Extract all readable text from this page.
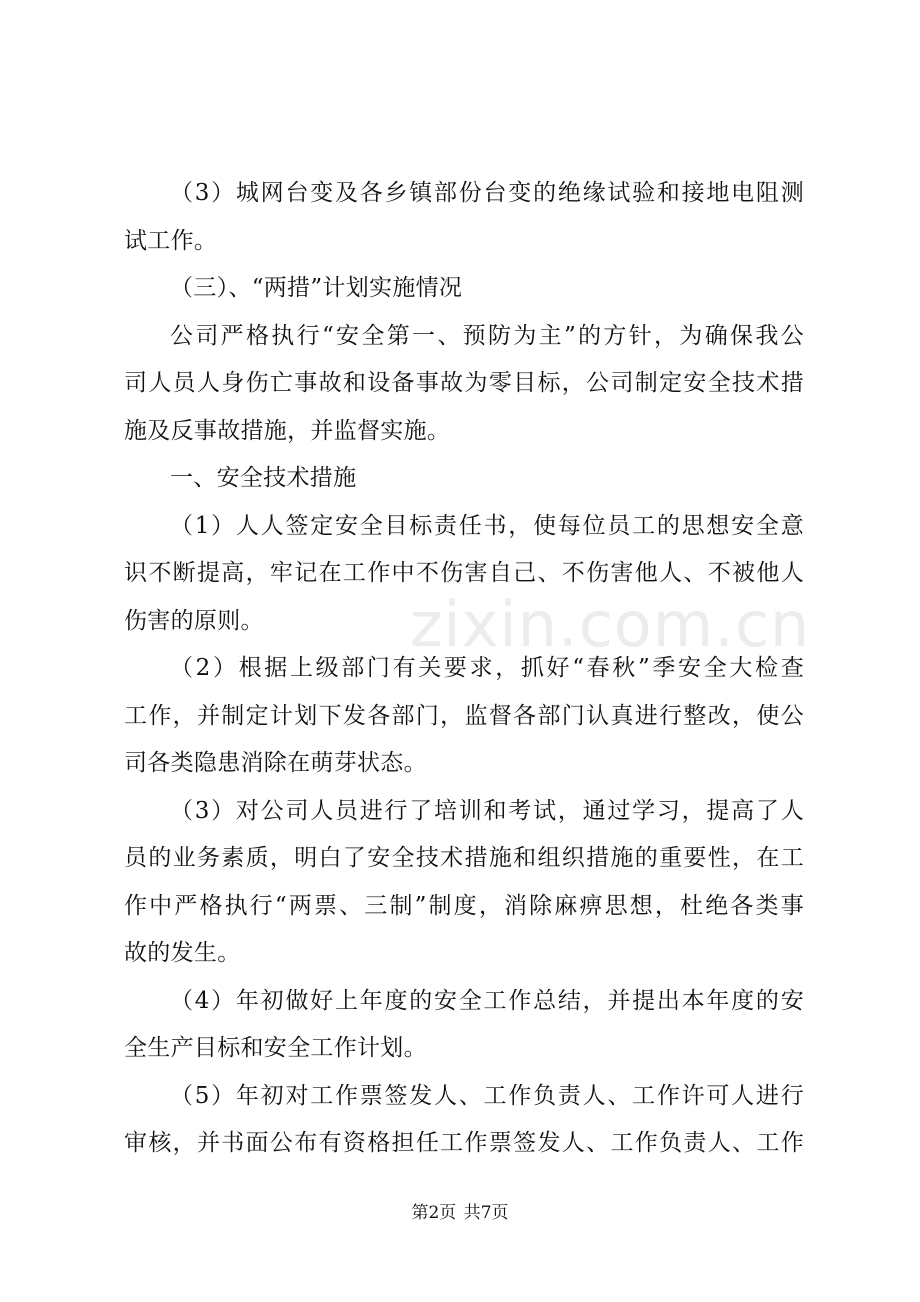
（3）城网台变及各乡镇部份台变的绝缘试验和接地电阻测
试工作。
（三）、“两措”计划实施情况
公司严格执行“安全第一、预防为主”的方针，为确保我公
司人员人身伤亡事故和设备事故为零目标，公司制定安全技术措
施及反事故措施，并监督实施。
一、安全技术措施
（1）人人签定安全目标责任书，使每位员工的思想安全意
识不断提高，牢记在工作中不伤害自己、不伤害他人、不被他人
伤害的原则。
（2）根据上级部门有关要求，抓好“春秋”季安全大检查
工作，并制定计划下发各部门，监督各部门认真进行整改，使公
司各类隐患消除在萌芽状态。
（3）对公司人员进行了培训和考试，通过学习，提高了人
员的业务素质，明白了安全技术措施和组织措施的重要性，在工
作中严格执行“两票、三制”制度，消除麻痹思想，杜绝各类事
故的发生。
（4）年初做好上年度的安全工作总结，并提出本年度的安
全生产目标和安全工作计划。
（5）年初对工作票签发人、工作负责人、工作许可人进行
审核，并书面公布有资格担任工作票签发人、工作负责人、工作
zixin.com.cn
第2页 共7页
